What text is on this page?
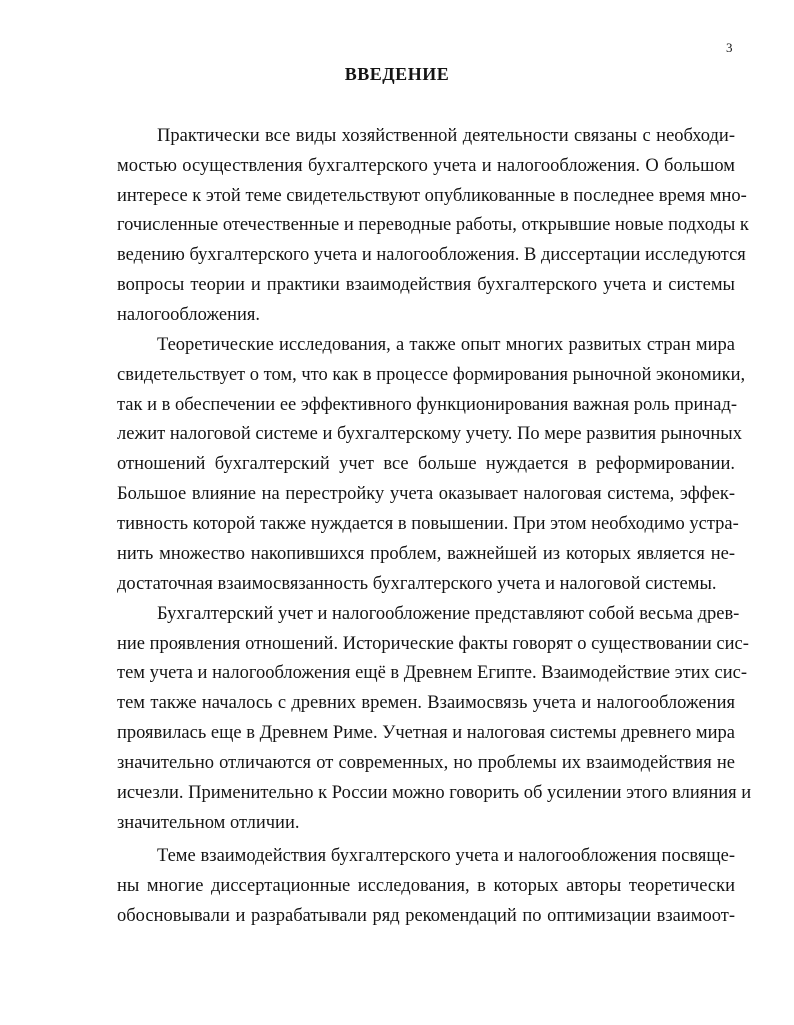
3
ВВЕДЕНИЕ
Практически все виды хозяйственной деятельности связаны с необходи-
мостью осуществления бухгалтерского учета и налогообложения. О большом
интересе к этой теме свидетельствуют опубликованные в последнее время мно-
гочисленные отечественные и переводные работы, открывшие новые подходы к
ведению бухгалтерского учета и налогообложения. В диссертации исследуются
вопросы теории и практики взаимодействия бухгалтерского учета и системы
налогообложения.
Теоретические исследования, а также опыт многих развитых стран мира
свидетельствует о том, что как в процессе формирования рыночной экономики,
так и в обеспечении ее эффективного функционирования важная роль принад-
лежит налоговой системе и бухгалтерскому учету. По мере развития рыночных
отношений бухгалтерский учет все больше нуждается в реформировании.
Большое влияние на перестройку учета оказывает налоговая система, эффек-
тивность которой также нуждается в повышении. При этом необходимо устра-
нить множество накопившихся проблем, важнейшей из которых является не-
достаточная взаимосвязанность бухгалтерского учета и налоговой системы.
Бухгалтерский учет и налогообложение представляют собой весьма древ-
ние проявления отношений. Исторические факты говорят о существовании сис-
тем учета и налогообложения ещё в Древнем Египте. Взаимодействие этих сис-
тем также началось с древних времен. Взаимосвязь учета и налогообложения
проявилась еще в Древнем Риме. Учетная и налоговая системы древнего мира
значительно отличаются от современных, но проблемы их взаимодействия не
исчезли. Применительно к России можно говорить об усилении этого влияния и
значительном отличии.
Теме взаимодействия бухгалтерского учета и налогообложения посвяще-
ны многие диссертационные исследования, в которых авторы теоретически
обосновывали и разрабатывали ряд рекомендаций по оптимизации взаимоот-
